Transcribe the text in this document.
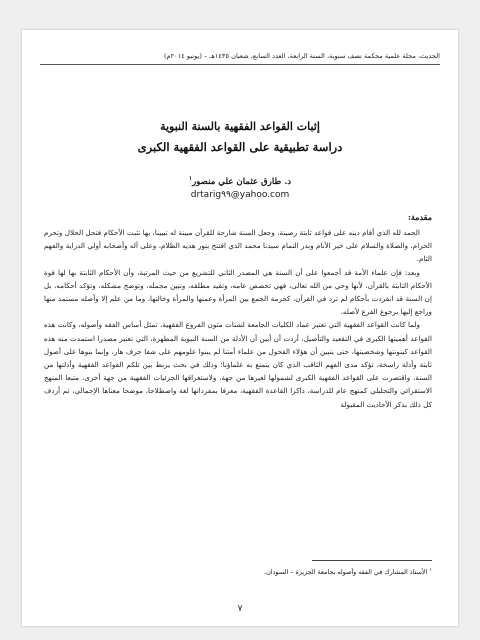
الحديث، مجلة علمية محكمة نصف سنوية، السنة الرابعة، العدد السابع، شعبان ١٤٣٥هـ – (يونيو ٢٠١٤م)
إثبات القواعد الفقهية بالسنة النبوية
دراسة تطبيقية على القواعد الفقهية الكبرى
د. طارق عثمان علي منصور$^١$
drtarig٩٩@yahoo.com
مقدمة:

الحمد لله الذي أقام دينه على قواعد ثابتة رصينة، وجعل السنة شارحة للقرآن مبينة له تبيينا، بها تثبت الأحكام فتحل الحلال وتحرم الحرام، والصلاة والسلام على خير الأنام وبدر التمام سيدنا محمد الذي افتتح بنور هديه الظلام، وعلى آله وأصحابه أولي الدراية والفهم التام.

وبعد: فإن علماء الأمة قد أجمعوا على أن السنة هي المصدر الثاني للتشريع من حيث المرتبة، وأن الأحكام الثابتة بها لها قوة الأحكام الثابتة بالقرآن، لأنها وحي من الله تعالى، فهي تخصص عامه، وتقيد مطلقه، وتبين مجمله، وتوضح مشكله، وتؤكد أحكامه، بل إن السنة قد انفردت بأحكام لم ترد في القرآن، كحرمة الجمع بين المرأة وعمتها والمرأة وخالتها، وما من علم إلا وأصله مستمد منها وراجع إليها برجوع الفرع لأصله.

ولما كانت القواعد الفقهية التي تعتبر عماد الكليات الجامعة لشتات متون الفروع الفقهية، تمثل أساس الفقه وأصوله، وكانت هذه القواعد أهميتها الكبرى في التقعيد والتأصيل، أردت أن أبين أن الأدلة من السنة النبوية المطهرة، التي تعتبر مصدرا استمدت منه هذه القواعد كينونتها وشخصيتها، حتى يتبين أن هؤلاء الفحول من علماء أمتنا لم يبنوا علومهم على شفا جرف هار، وإنما بنوها على أصول ثابتة وأدلة راسخة، تؤكد مدى الفهم الثاقب الذي كان يتمتع به علماؤنا؛ وذلك في بحث يربط بين تلكم القواعد الفقهية وأدلتها من السنة، واقتصرت على القواعد الفقهية الكبرى لشمولها لغيرها من جهة، ولاستغراقها الجزئيات الفقهية من جهة أخرى، متبعا المنهج الاستقرائي والتحليلي كمنهج عام للدراسة، ذاكرا القاعدة الفقهية، معرفا بمفرداتها لغة واصطلاحا، موضحا معناها الإجمالي، ثم أردف كل ذلك بذكر الأحاديث المقبولة

$^١$ الأستاذ المشارك في الفقه وأصوله بجامعة الجزيرة – السودان.
٧
